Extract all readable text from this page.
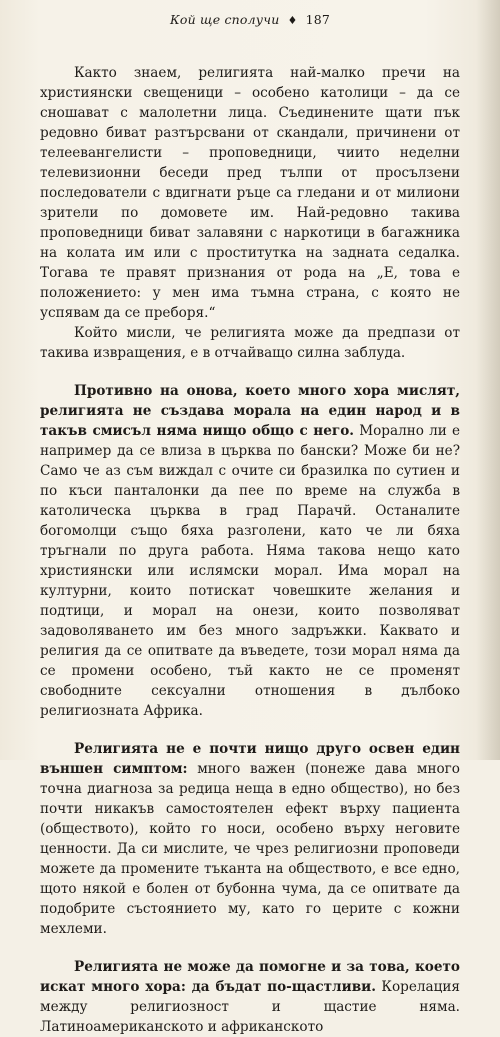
Кой ще сполучи ♦ 187

Както знаем, религията най-малко пречи на християнски свещеници – особено католици – да се сношават с малолетни лица. Съединените щати пък редовно биват разтърсвани от скандали, причинени от телеевангелисти – проповедници, чиито неделни телевизионни беседи пред тълпи от просълзени последователи с вдигнати ръце са гледани и от милиони зрители по домовете им. Най-редовно такива проповедници биват залавяни с наркотици в багажника на колата им или с проститутка на задната седалка. Тогава те правят признания от рода на „Е, това е положението: у мен има тъмна страна, с която не успявам да се преборя.“

Който мисли, че религията може да предпази от такива извращения, е в отчайващо силна заблуда.

Противно на онова, което много хора мислят, религията не създава морала на един народ и в такъв смисъл няма нищо общо с него. Морално ли е например да се влиза в църква по бански? Може би не? Само че аз съм виждал с очите си бразилка по сутиен и по къси панталонки да пее по време на служба в католическа църква в град Парачй. Останалите богомолци също бяха разголени, като че ли бяха тръгнали по друга работа. Няма такова нещо като християнски или ислямски морал. Има морал на културни, които потискат човешките желания и подтици, и морал на онези, които позволяват задоволяването им без много задръжки. Каквато и религия да се опитвате да въведете, този морал няма да се промени особено, тъй както не се променят свободните сексуални отношения в дълбоко религиозната Африка.

Религията не е почти нищо друго освен един външен симптом: много важен (понеже дава много точна диагноза за редица неща в едно общество), но без почти никакъв самостоятелен ефект върху пациента (обществото), който го носи, особено върху неговите ценности. Да си мислите, че чрез религиозни проповеди можете да промените тъканта на обществото, е все едно, щото някой е болен от бубонна чума, да се опитвате да подобрите състоянието му, като го церите с кожни мехлеми.

Религията не може да помогне и за това, което искат много хора: да бъдат по-щастливи. Корелация между религиозност и щастие няма. Латиноамериканското и африканското
